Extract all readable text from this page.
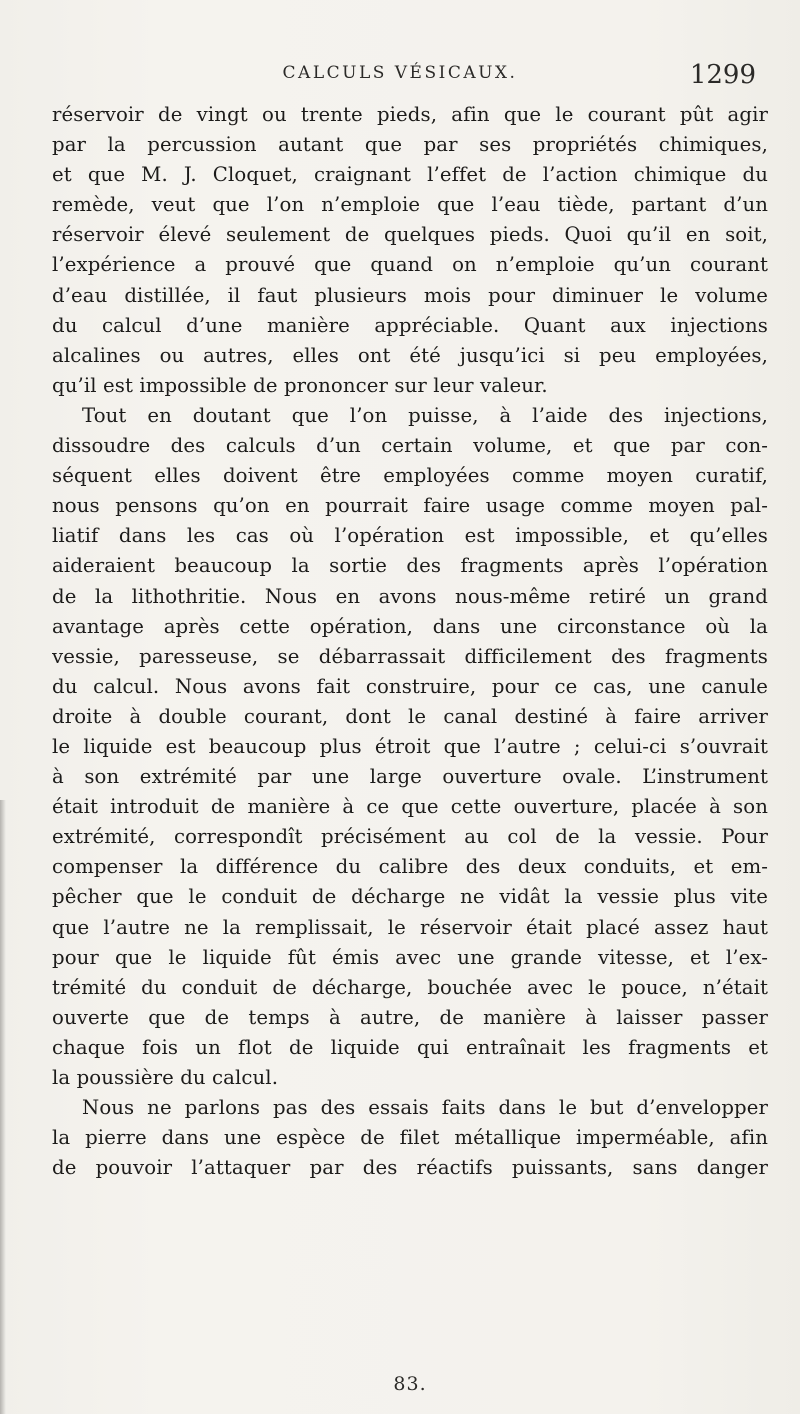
CALCULS VÉSICAUX.	1299
réservoir de vingt ou trente pieds, afin que le courant pût agir
par la percussion autant que par ses propriétés chimiques,
et que M. J. Cloquet, craignant l’effet de l’action chimique du
remède, veut que l’on n’emploie que l’eau tiède, partant d’un
réservoir élevé seulement de quelques pieds. Quoi qu’il en soit,
l’expérience a prouvé que quand on n’emploie qu’un courant
d’eau distillée, il faut plusieurs mois pour diminuer le volume
du calcul d’une manière appréciable. Quant aux injections
alcalines ou autres, elles ont été jusqu’ici si peu employées,
qu’il est impossible de prononcer sur leur valeur.
Tout en doutant que l’on puisse, à l’aide des injections,
dissoudre des calculs d’un certain volume, et que par con-
séquent elles doivent être employées comme moyen curatif,
nous pensons qu’on en pourrait faire usage comme moyen pal-
liatif dans les cas où l’opération est impossible, et qu’elles
aideraient beaucoup la sortie des fragments après l’opération
de la lithothritie. Nous en avons nous-même retiré un grand
avantage après cette opération, dans une circonstance où la
vessie, paresseuse, se débarrassait difficilement des fragments
du calcul. Nous avons fait construire, pour ce cas, une canule
droite à double courant, dont le canal destiné à faire arriver
le liquide est beaucoup plus étroit que l’autre ; celui-ci s’ouvrait
à son extrémité par une large ouverture ovale. L’instrument
était introduit de manière à ce que cette ouverture, placée à son
extrémité, correspondît précisément au col de la vessie. Pour
compenser la différence du calibre des deux conduits, et em-
pêcher que le conduit de décharge ne vidât la vessie plus vite
que l’autre ne la remplissait, le réservoir était placé assez haut
pour que le liquide fût émis avec une grande vitesse, et l’ex-
trémité du conduit de décharge, bouchée avec le pouce, n’était
ouverte que de temps à autre, de manière à laisser passer
chaque fois un flot de liquide qui entraînait les fragments et
la poussière du calcul.
Nous ne parlons pas des essais faits dans le but d’envelopper
la pierre dans une espèce de filet métallique imperméable, afin
de pouvoir l’attaquer par des réactifs puissants, sans danger
83.
